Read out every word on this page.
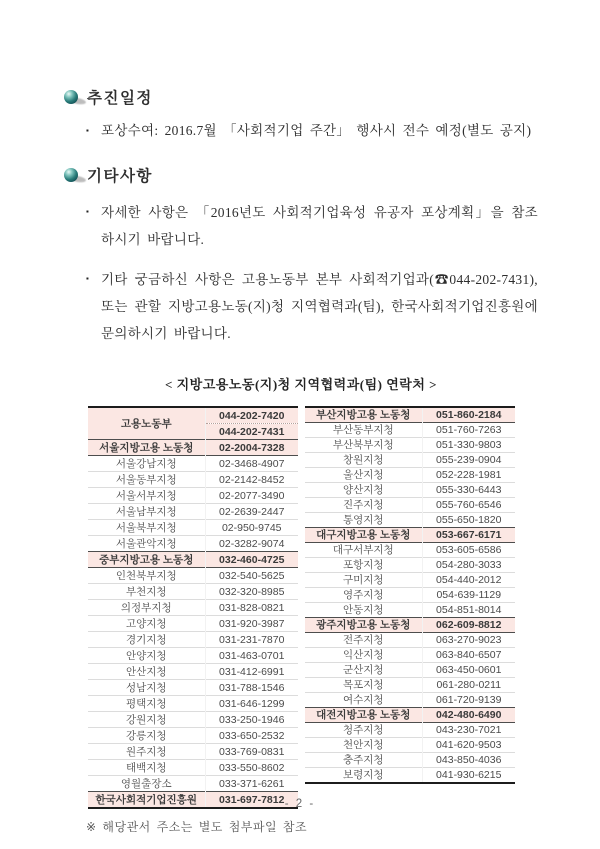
추진일정
▪ 포상수여: 2016.7월 「사회적기업 주간」 행사시 전수 예정(별도 공지)
기타사항
▪ 자세한 사항은 「2016년도 사회적기업육성 유공자 포상계획」을 참조하시기 바랍니다.
▪ 기타 궁금하신 사항은 고용노동부 본부 사회적기업과(☎044-202-7431), 또는 관할 지방고용노동(지)청 지역협력과(팀), 한국사회적기업진흥원에 문의하시기 바랍니다.
< 지방고용노동(지)청 지역협력과(팀) 연락처 >
고용노동부	044-202-7420
	044-202-7431
서울지방고용 노동청	02-2004-7328
서울강남지청	02-3468-4907
서울동부지청	02-2142-8452
서울서부지청	02-2077-3490
서울남부지청	02-2639-2447
서울북부지청	02-950-9745
서울관악지청	02-3282-9074
중부지방고용 노동청	032-460-4725
인천북부지청	032-540-5625
부천지청	032-320-8985
의정부지청	031-828-0821
고양지청	031-920-3987
경기지청	031-231-7870
안양지청	031-463-0701
안산지청	031-412-6991
성남지청	031-788-1546
평택지청	031-646-1299
강원지청	033-250-1946
강릉지청	033-650-2532
원주지청	033-769-0831
태백지청	033-550-8602
영월출장소	033-371-6261
한국사회적기업진흥원	031-697-7812
부산지방고용 노동청	051-860-2184
부산동부지청	051-760-7263
부산북부지청	051-330-9803
창원지청	055-239-0904
울산지청	052-228-1981
양산지청	055-330-6443
진주지청	055-760-6546
통영지청	055-650-1820
대구지방고용 노동청	053-667-6171
대구서부지청	053-605-6586
포항지청	054-280-3033
구미지청	054-440-2012
영주지청	054-639-1129
안동지청	054-851-8014
광주지방고용 노동청	062-609-8812
전주지청	063-270-9023
익산지청	063-840-6507
군산지청	063-450-0601
목포지청	061-280-0211
여수지청	061-720-9139
대전지방고용 노동청	042-480-6490
청주지청	043-230-7021
천안지청	041-620-9503
충주지청	043-850-4036
보령지청	041-930-6215
※ 해당관서 주소는 별도 첨부파일 참조
- 2 -
